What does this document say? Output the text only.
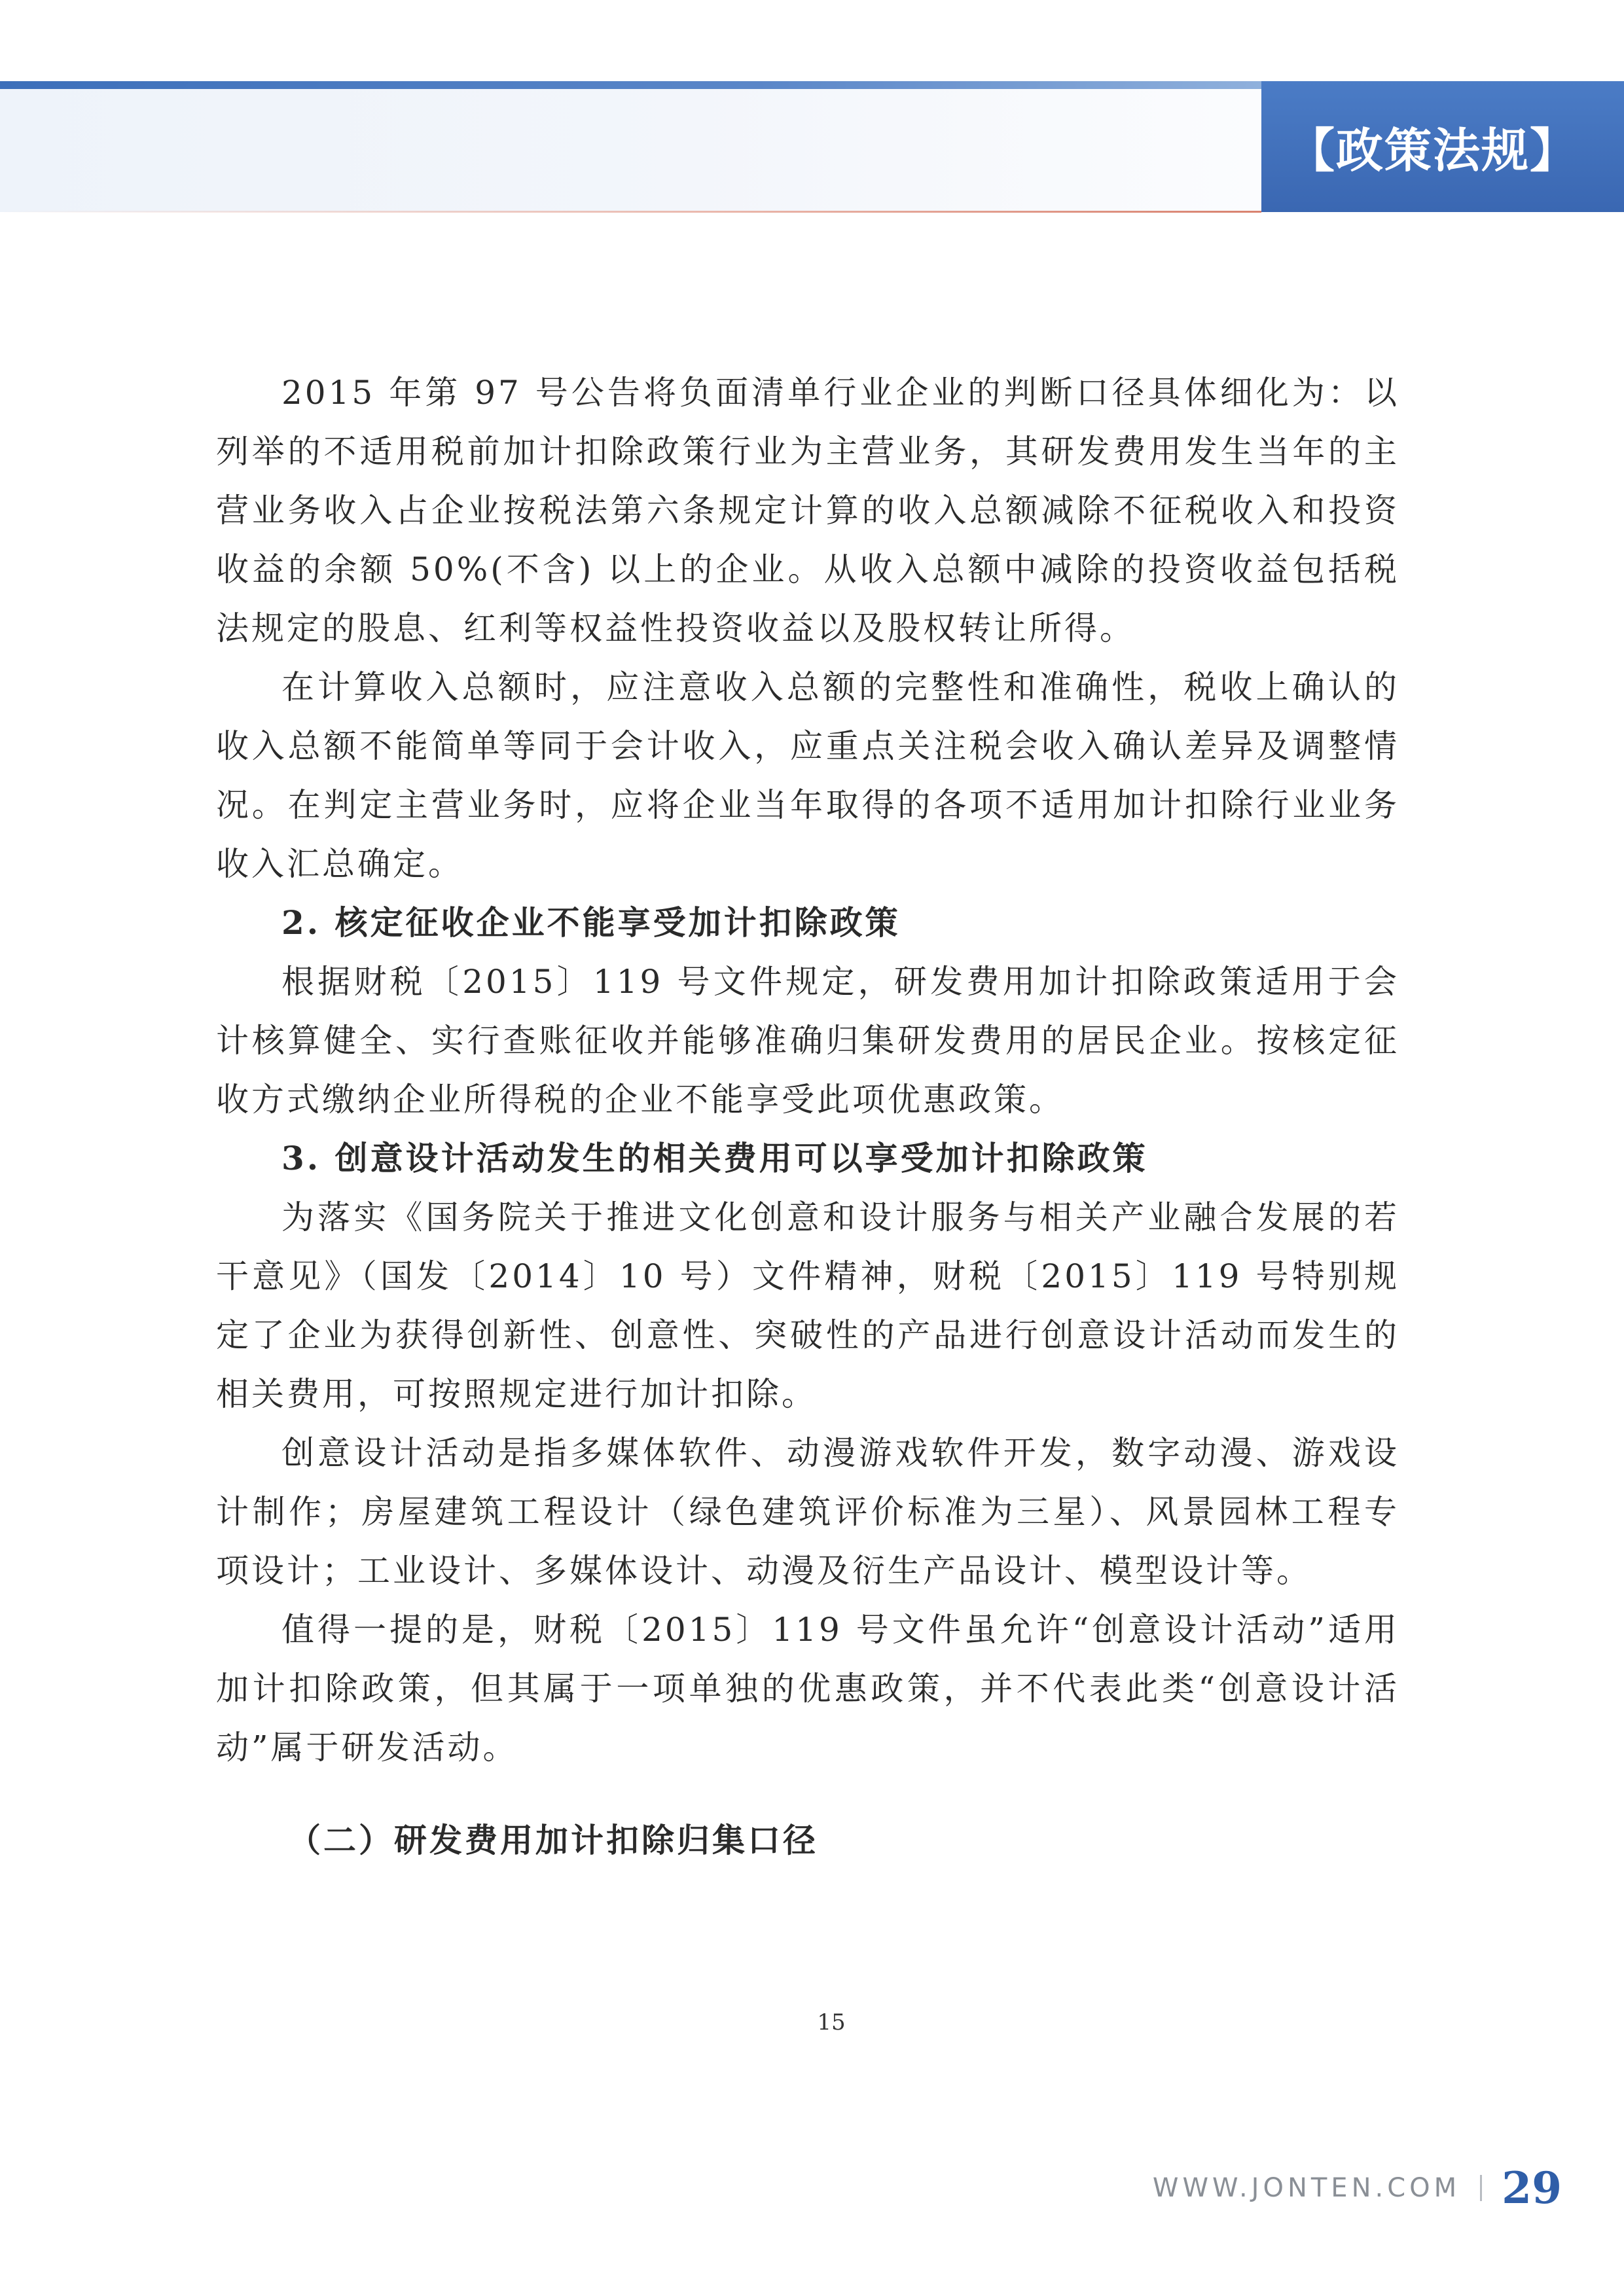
【政策法规】

2015 年第 97 号公告将负面清单行业企业的判断口径具体细化为：以列举的不适用税前加计扣除政策行业为主营业务，其研发费用发生当年的主营业务收入占企业按税法第六条规定计算的收入总额减除不征税收入和投资收益的余额 50%(不含) 以上的企业。从收入总额中减除的投资收益包括税法规定的股息、红利等权益性投资收益以及股权转让所得。

在计算收入总额时，应注意收入总额的完整性和准确性，税收上确认的收入总额不能简单等同于会计收入，应重点关注税会收入确认差异及调整情况。在判定主营业务时，应将企业当年取得的各项不适用加计扣除行业业务收入汇总确定。

2. 核定征收企业不能享受加计扣除政策

根据财税〔2015〕119 号文件规定，研发费用加计扣除政策适用于会计核算健全、实行查账征收并能够准确归集研发费用的居民企业。按核定征收方式缴纳企业所得税的企业不能享受此项优惠政策。

3. 创意设计活动发生的相关费用可以享受加计扣除政策

为落实《国务院关于推进文化创意和设计服务与相关产业融合发展的若干意见》（国发〔2014〕10 号）文件精神，财税〔2015〕119 号特别规定了企业为获得创新性、创意性、突破性的产品进行创意设计活动而发生的相关费用，可按照规定进行加计扣除。

创意设计活动是指多媒体软件、动漫游戏软件开发，数字动漫、游戏设计制作；房屋建筑工程设计（绿色建筑评价标准为三星）、风景园林工程专项设计；工业设计、多媒体设计、动漫及衍生产品设计、模型设计等。

值得一提的是，财税〔2015〕119 号文件虽允许“创意设计活动”适用加计扣除政策，但其属于一项单独的优惠政策，并不代表此类“创意设计活动”属于研发活动。

（二）研发费用加计扣除归集口径
15
WWW.JONTEN.COM 29
